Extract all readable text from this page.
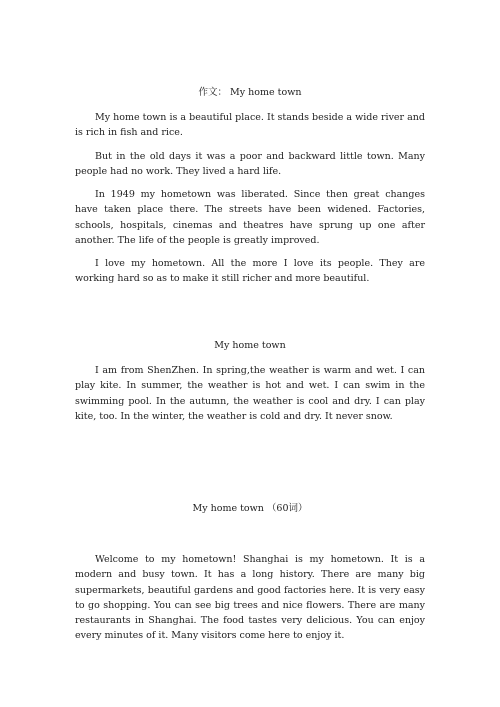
作文： My home town

My home town is a beautiful place. It stands beside a wide river and is rich in fish and rice.

But in the old days it was a poor and backward little town. Many people had no work. They lived a hard life.

In 1949 my hometown was liberated. Since then great changes have taken place there. The streets have been widened. Factories, schools, hospitals, cinemas and theatres have sprung up one after another. The life of the people is greatly improved.

I love my hometown. All the more I love its people. They are working hard so as to make it still richer and more beautiful.

My home town

I am from ShenZhen. In spring,the weather is warm and wet. I can play kite. In summer, the weather is hot and wet. I can swim in the swimming pool. In the autumn, the weather is cool and dry. I can play kite, too. In the winter, the weather is cold and dry. It never snow.

My home town （60词）

Welcome to my hometown! Shanghai is my hometown. It is a modern and busy town. It has a long history. There are many big supermarkets, beautiful gardens and good factories here. It is very easy to go shopping. You can see big trees and nice flowers. There are many restaurants in Shanghai. The food tastes very delicious. You can enjoy every minutes of it. Many visitors come here to enjoy it.
